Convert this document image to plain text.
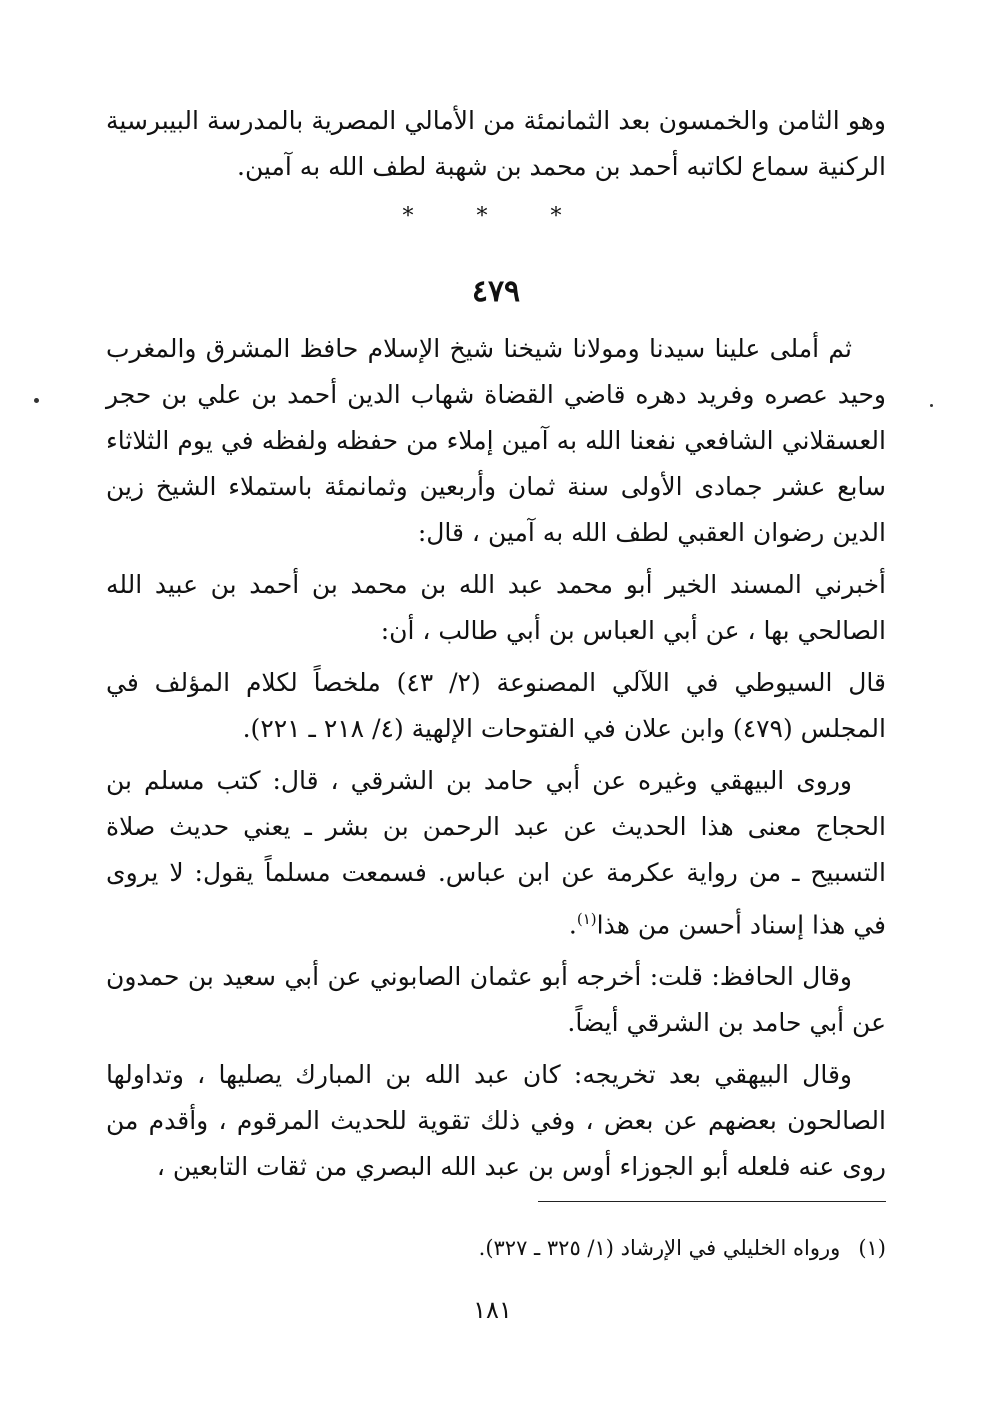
وهو الثامن والخمسون بعد الثمانمئة من الأمالي المصرية بالمدرسة البيبرسية الركنية سماع لكاتبه أحمد بن محمد بن شهبة لطف الله به آمين.

* * *
٤٧٩

ثم أملى علينا سيدنا ومولانا شيخنا شيخ الإسلام حافظ المشرق والمغرب وحيد عصره وفريد دهره قاضي القضاة شهاب الدين أحمد بن علي بن حجر العسقلاني الشافعي نفعنا الله به آمين إملاء من حفظه ولفظه في يوم الثلاثاء سابع عشر جمادى الأولى سنة ثمان وأربعين وثمانمئة باستملاء الشيخ زين الدين رضوان العقبي لطف الله به آمين ، قال:

أخبرني المسند الخير أبو محمد عبد الله بن محمد بن أحمد بن عبيد الله الصالحي بها ، عن أبي العباس بن أبي طالب ، أن:

قال السيوطي في اللآلي المصنوعة (٢/ ٤٣) ملخصاً لكلام المؤلف في المجلس (٤٧٩) وابن علان في الفتوحات الإلهية (٤/ ٢١٨ ـ ٢٢١).

وروى البيهقي وغيره عن أبي حامد بن الشرقي ، قال: كتب مسلم بن الحجاج معنى هذا الحديث عن عبد الرحمن بن بشر ـ يعني حديث صلاة التسبيح ـ من رواية عكرمة عن ابن عباس. فسمعت مسلماً يقول: لا يروى في هذا إسناد أحسن من هذا$^{(١)}$.

وقال الحافظ: قلت: أخرجه أبو عثمان الصابوني عن أبي سعيد بن حمدون عن أبي حامد بن الشرقي أيضاً.

وقال البيهقي بعد تخريجه: كان عبد الله بن المبارك يصليها ، وتداولها الصالحون بعضهم عن بعض ، وفي ذلك تقوية للحديث المرقوم ، وأقدم من روى عنه فلعله أبو الجوزاء أوس بن عبد الله البصري من ثقات التابعين ،

(١)ورواه الخليلي في الإرشاد (١/ ٣٢٥ ـ ٣٢٧).
١٨١
